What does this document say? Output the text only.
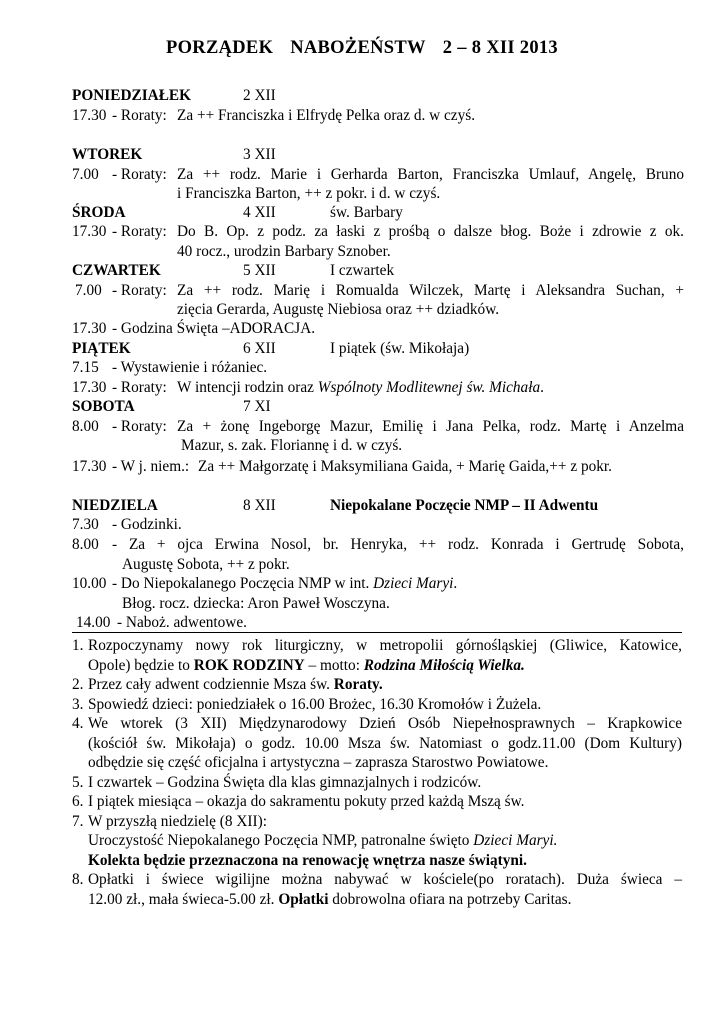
PORZĄDEK NABOŻEŃSTW 2 – 8 XII 2013
PONIEDZIAŁEK	2 XII
17.30 - Roraty: Za ++ Franciszka i Elfrydę Pelka oraz d. w czyś.
WTOREK	3 XII
7.00 - Roraty: Za ++ rodz. Marie i Gerharda Barton, Franciszka Umlauf, Angelę, Bruno
i Franciszka Barton, ++ z pokr. i d. w czyś.
ŚRODA	4 XII	św. Barbary
17.30 - Roraty: Do B. Op. z podz. za łaski z prośbą o dalsze błog. Boże i zdrowie z ok.
40 rocz., urodzin Barbary Sznober.
CZWARTEK	5 XII	I czwartek
7.00 - Roraty: Za ++ rodz. Marię i Romualda Wilczek, Martę i Aleksandra Suchan, +
zięcia Gerarda, Augustę Niebiosa oraz ++ dziadków.
17.30 - Godzina Święta –ADORACJA.
PIĄTEK	6 XII	I piątek (św. Mikołaja)
7.15 - Wystawienie i różaniec.
17.30 - Roraty: W intencji rodzin oraz Wspólnoty Modlitewnej św. Michała.
SOBOTA	7 XI
8.00 - Roraty: Za + żonę Ingeborgę Mazur, Emilię i Jana Pelka, rodz. Martę i Anzelma
Mazur, s. zak. Floriannę i d. w czyś.
17.30 - W j. niem.: Za ++ Małgorzatę i Maksymiliana Gaida, + Marię Gaida,++ z pokr.
NIEDZIELA	8 XII	Niepokalane Poczęcie NMP – II Adwentu
7.30 - Godzinki.
8.00 - Za + ojca Erwina Nosol, br. Henryka, ++ rodz. Konrada i Gertrudę Sobota,
Augustę Sobota, ++ z pokr.
10.00 - Do Niepokalanego Poczęcia NMP w int. Dzieci Maryi.
Błog. rocz. dziecka: Aron Paweł Wosczyna.
14.00 - Naboż. adwentowe.
1. Rozpoczynamy nowy rok liturgiczny, w metropolii górnośląskiej (Gliwice, Katowice,
Opole) będzie to ROK RODZINY – motto: Rodzina Miłością Wielka.
2. Przez cały adwent codziennie Msza św. Roraty.
3. Spowiedź dzieci: poniedziałek o 16.00 Brożec, 16.30 Kromołów i Żużela.
4. We wtorek (3 XII) Międzynarodowy Dzień Osób Niepełnosprawnych – Krapkowice
(kościół św. Mikołaja) o godz. 10.00 Msza św. Natomiast o godz.11.00 (Dom Kultury)
odbędzie się część oficjalna i artystyczna – zaprasza Starostwo Powiatowe.
5. I czwartek – Godzina Święta dla klas gimnazjalnych i rodziców.
6. I piątek miesiąca – okazja do sakramentu pokuty przed każdą Mszą św.
7. W przyszłą niedzielę (8 XII):
Uroczystość Niepokalanego Poczęcia NMP, patronalne święto Dzieci Maryi.
Kolekta będzie przeznaczona na renowację wnętrza nasze świątyni.
8. Opłatki i świece wigilijne można nabywać w kościele(po roratach). Duża świeca –
12.00 zł., mała świeca-5.00 zł. Opłatki dobrowolna ofiara na potrzeby Caritas.
